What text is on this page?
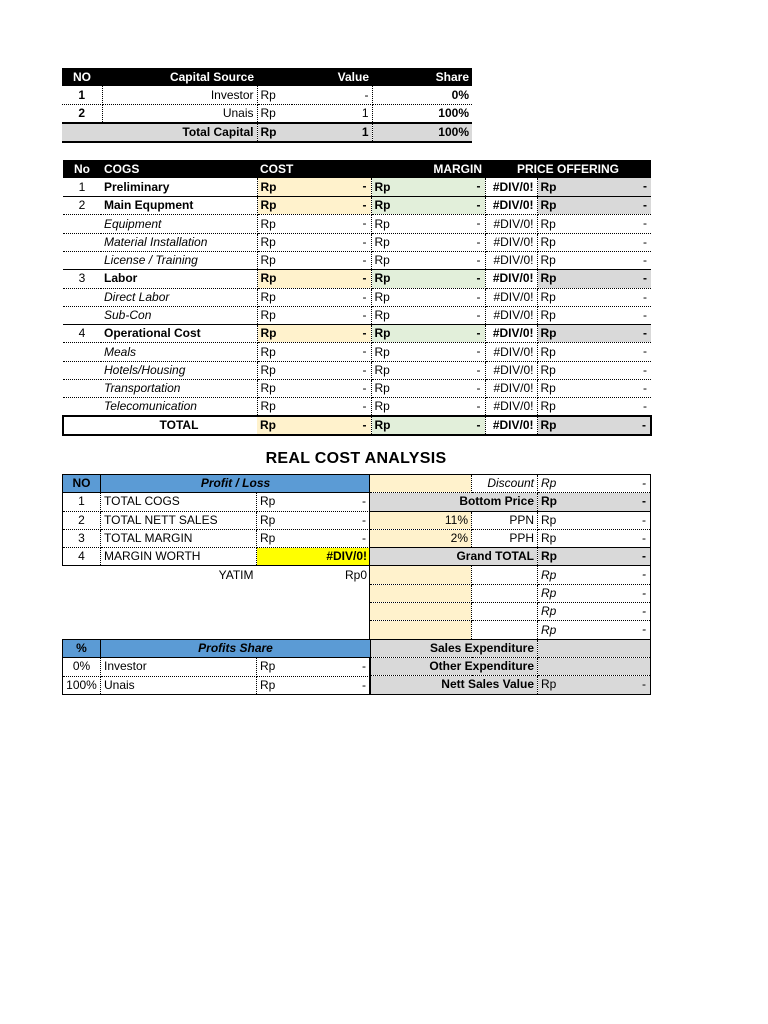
NO	Capital Source		Value	Share
1	Investor	Rp	-	0%
2	Unais	Rp	1	100%
	Total Capital	Rp	1	100%
No	COGS	COST	MARGIN	PRICE OFFERING	
1	Preliminary	Rp -	Rp -	#DIV/0!	Rp -

2	Main Equpment	Rp -	Rp -	#DIV/0!	Rp -

	Equipment	Rp -	Rp -	#DIV/0!	Rp -

	Material Installation	Rp -	Rp -	#DIV/0!	Rp -

	License / Training	Rp -	Rp -	#DIV/0!	Rp -

3	Labor	Rp -	Rp -	#DIV/0!	Rp -

	Direct Labor	Rp -	Rp -	#DIV/0!	Rp -

	Sub-Con	Rp -	Rp -	#DIV/0!	Rp -

4	Operational Cost	Rp -	Rp -	#DIV/0!	Rp -

	Meals	Rp -	Rp -	#DIV/0!	Rp -

	Hotels/Housing	Rp -	Rp -	#DIV/0!	Rp -

	Transportation	Rp -	Rp -	#DIV/0!	Rp -

	Telecomunication	Rp -	Rp -	#DIV/0!	Rp -

	TOTAL	Rp -	Rp -	#DIV/0!	Rp -
REAL COST ANALYSIS
NO	Profit / Loss	
1	TOTAL COGS	Rp -

2	TOTAL NETT SALES	Rp -

3	TOTAL MARGIN	Rp -

4	MARGIN WORTH	#DIV/0!
	YATIM	Rp0
	Discount	Rp -

Bottom Price		Rp -

11%	PPN	Rp -

2%	PPH	Rp -

Grand TOTAL		Rp -

		Rp -

		Rp -

		Rp -

		Rp -

Sales Expenditure		
Other Expenditure		
Nett Sales Value		Rp -
%	Profits Share	
0%	Investor	Rp -

100%	Unais	Rp -
